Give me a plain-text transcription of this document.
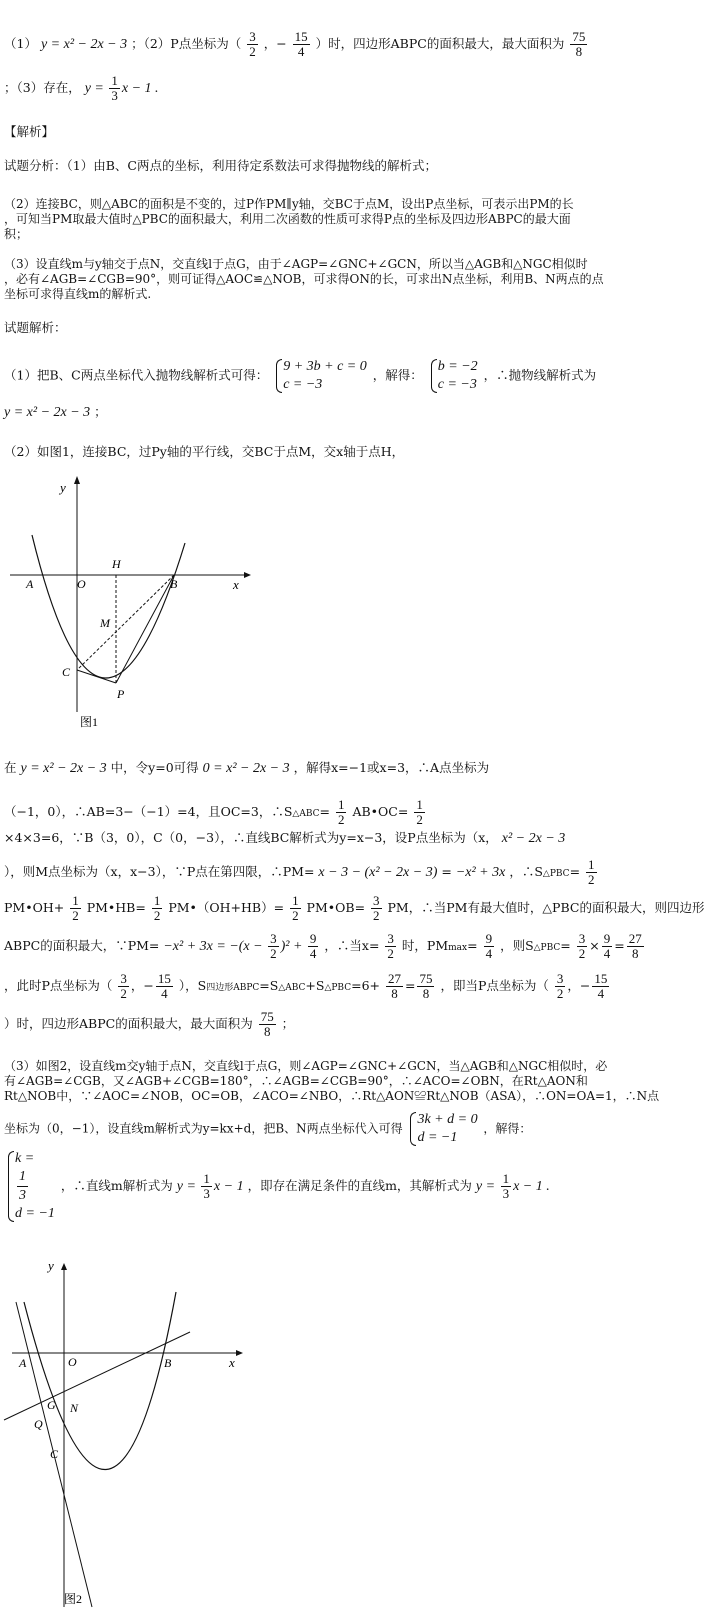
（1） y = x² − 2x − 3 ；（2）P点坐标为（ $\frac{3}{2}$ ，− $\frac{15}{4}$ ）时，四边形ABPC的面积最大，最大面积为 $\frac{75}{8}$
；（3）存在， $y = \frac{1}{3}$ x − 1 .
【解析】
试题分析：（1）由B、C两点的坐标，利用待定系数法可求得抛物线的解析式；
（2）连接BC，则△ABC的面积是不变的，过P作PM∥y轴，交BC于点M，设出P点坐标，可表示出PM的长
，可知当PM取最大值时△PBC的面积最大，利用二次函数的性质可求得P点的坐标及四边形ABPC的最大面
积；
（3）设直线m与y轴交于点N，交直线l于点G，由于∠AGP=∠GNC+∠GCN，所以当△AGB和△NGC相似时
，必有∠AGB=∠CGB=90°，则可证得△AOC≌△NOB，可求得ON的长，可求出N点坐标，利用B、N两点的点
坐标可求得直线m的解析式.
试题解析：
（1）把B、C两点坐标代入抛物线解析式可得：
9 + 3b + c = 0
c = −3
，解得：
b = −2
c = −3
，∴抛物线解析式为
y = x² − 2x − 3 ；
（2）如图1，连接BC，过Py轴的平行线，交BC于点M，交x轴于点H，
y
x
A	O
H
B
M
C
P
图1
在 y = x² − 2x − 3 中，令y=0可得 0 = x² − 2x − 3 ，解得x=−1或x=3，∴A点坐标为
（−1，0），∴AB=3−（−1）=4，且OC=3，∴S△ABC= $\frac{1}{2}$ AB•OC= $\frac{1}{2}$
×4×3=6，∵B（3，0），C（0，−3），∴直线BC解析式为y=x−3，设P点坐标为（x， x² − 2x − 3
），则M点坐标为（x，x−3），∵P点在第四限，∴PM= x − 3 − (x² − 2x − 3) = −x² + 3x ，∴S△PBC= $\frac{1}{2}$
PM•OH+ $\frac{1}{2}$ PM•HB= $\frac{1}{2}$ PM•（OH+HB）= $\frac{1}{2}$ PM•OB= $\frac{3}{2}$ PM，∴当PM有最大值时，△PBC的面积最大，则四边形
ABPC的面积最大，∵PM= $-x^2 + 3x = -(x - \frac{3}{2} )^2 + \frac{9}{4}$ ，∴当$x= \frac{3}{2}$ 时，$PMmax= \frac{9}{4}$ ，则S△PBC= $\frac{3}{2} \times \frac{9}{4} = \frac{27}{8}$
，此时P点坐标为（ $\frac{3}{2}$ ，− $\frac{15}{4}$ ），S四边形ABPC=S△ABC+S△PBC=6+ $\frac{27}{8} = \frac{75}{8}$ ，即当P点坐标为（ $\frac{3}{2}$ ，− $\frac{15}{4}$
）时，四边形ABPC的面积最大，最大面积为 $\frac{75}{8}$ ；
（3）如图2，设直线m交y轴于点N，交直线l于点G，则∠AGP=∠GNC+∠GCN，当△AGB和△NGC相似时，必
有∠AGB=∠CGB，又∠AGB+∠CGB=180°，∴∠AGB=∠CGB=90°，∴∠ACO=∠OBN，在Rt△AON和
Rt△NOB中，∵∠AOC=∠NOB，OC=OB，∠ACO=∠NBO，∴Rt△AON≌Rt△NOB（ASA），∴ON=OA=1，∴N点
坐标为（0，−1），设直线m解析式为y=kx+d，把B、N两点坐标代入可得
3k + d = 0
d = −1
，解得：
k =
$\frac{1}{3}$
d = −1
，∴直线m解析式为 $y = \frac{1}{3}$ x − 1 ，即存在满足条件的直线m，其解析式为 $y = \frac{1}{3}$ x − 1 .
y
x
A	O	B
G N
Q
C
图2
